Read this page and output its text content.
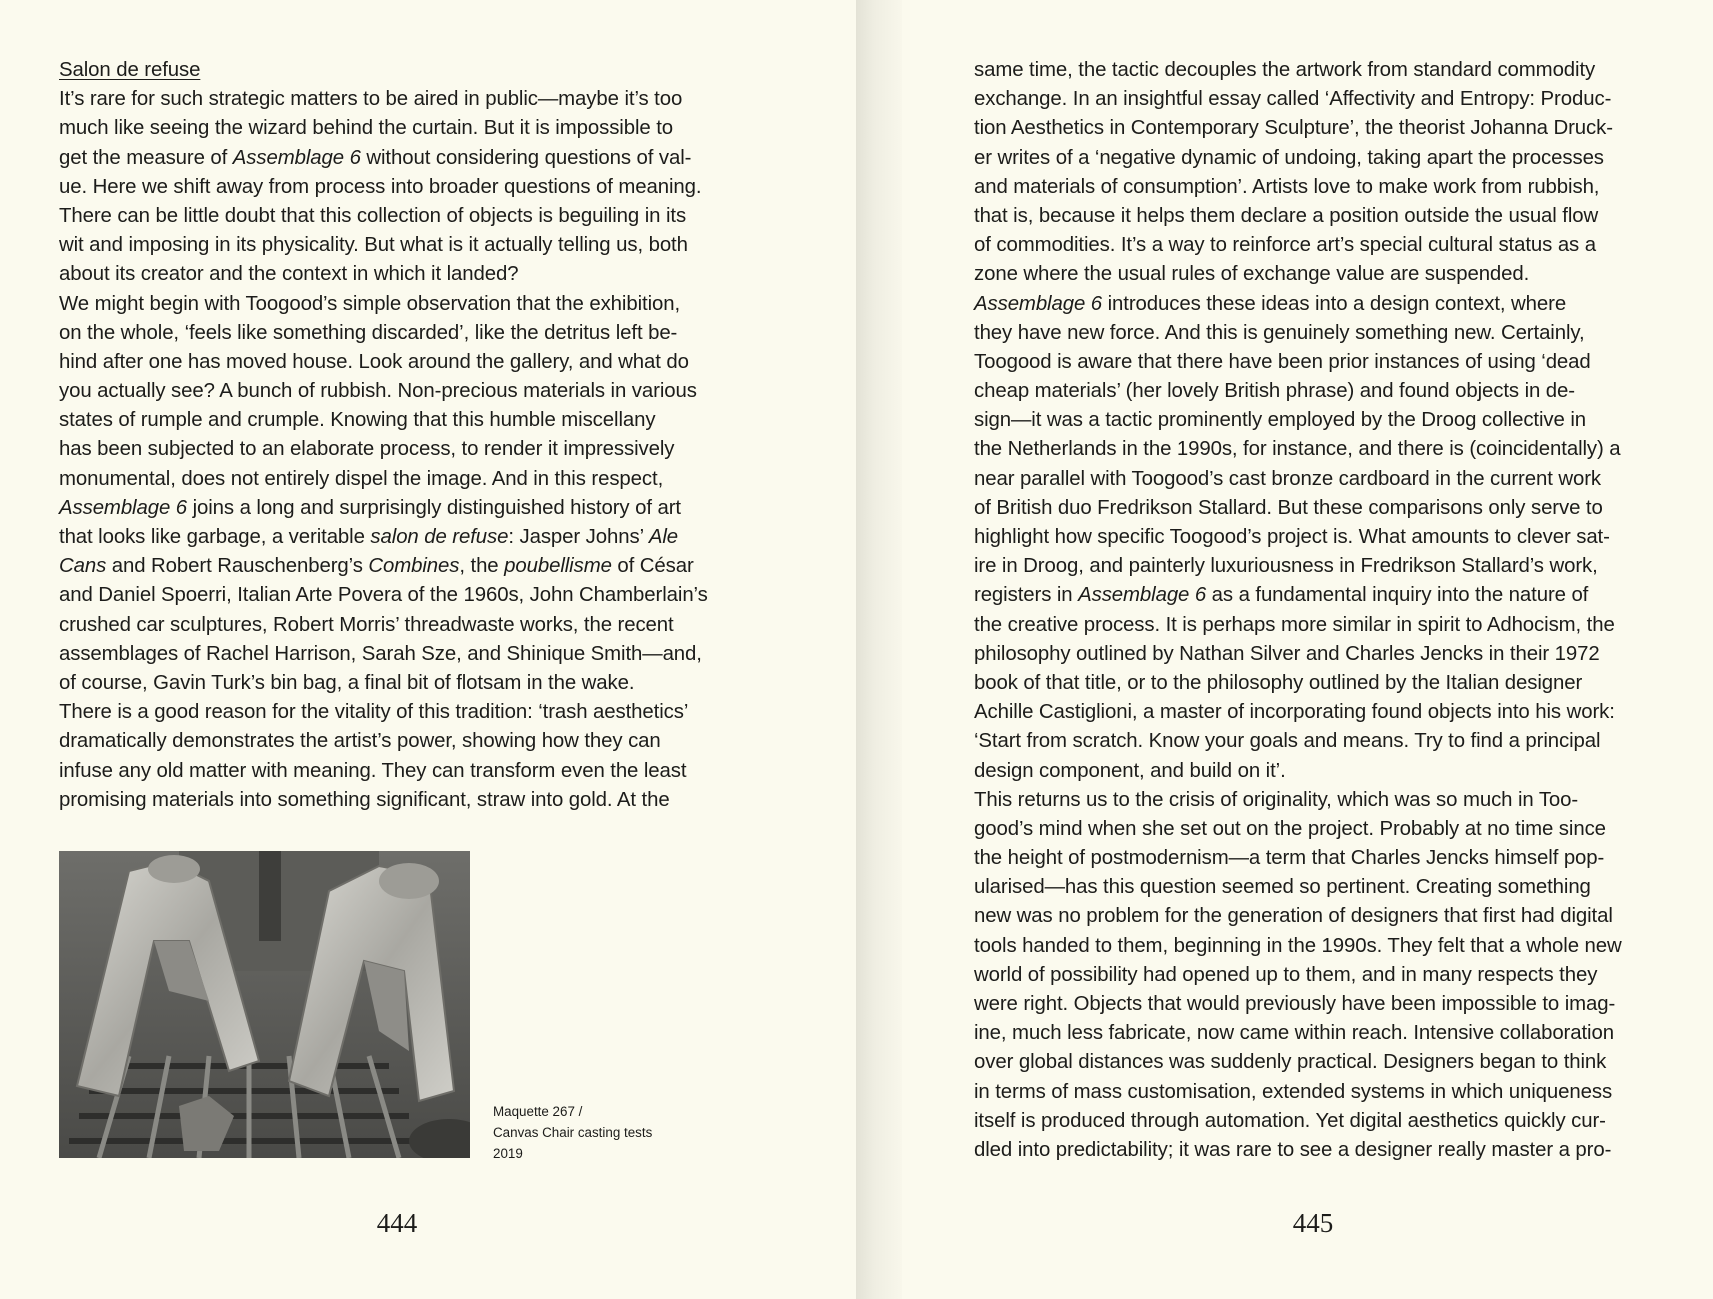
Salon de refuse
It’s rare for such strategic matters to be aired in public—maybe it’s too
much like seeing the wizard behind the curtain. But it is impossible to
get the measure of Assemblage 6 without considering questions of val-
ue. Here we shift away from process into broader questions of meaning.
There can be little doubt that this collection of objects is beguiling in its
wit and imposing in its physicality. But what is it actually telling us, both
about its creator and the context in which it landed?
We might begin with Toogood’s simple observation that the exhibition,
on the whole, ‘feels like something discarded’, like the detritus left be-
hind after one has moved house. Look around the gallery, and what do
you actually see? A bunch of rubbish. Non-precious materials in various
states of rumple and crumple. Knowing that this humble miscellany
has been subjected to an elaborate process, to render it impressively
monumental, does not entirely dispel the image. And in this respect,
Assemblage 6 joins a long and surprisingly distinguished history of art
that looks like garbage, a veritable salon de refuse: Jasper Johns’ Ale
Cans and Robert Rauschenberg’s Combines, the poubellisme of César
and Daniel Spoerri, Italian Arte Povera of the 1960s, John Chamberlain’s
crushed car sculptures, Robert Morris’ threadwaste works, the recent
assemblages of Rachel Harrison, Sarah Sze, and Shinique Smith—and,
of course, Gavin Turk’s bin bag, a final bit of flotsam in the wake.
There is a good reason for the vitality of this tradition: ‘trash aesthetics’
dramatically demonstrates the artist’s power, showing how they can
infuse any old matter with meaning. They can transform even the least
promising materials into something significant, straw into gold. At the
Maquette 267 /
Canvas Chair casting tests
2019
444
same time, the tactic decouples the artwork from standard commodity
exchange. In an insightful essay called ‘Affectivity and Entropy: Produc-
tion Aesthetics in Contemporary Sculpture’, the theorist Johanna Druck-
er writes of a ‘negative dynamic of undoing, taking apart the processes
and materials of consumption’. Artists love to make work from rubbish,
that is, because it helps them declare a position outside the usual flow
of commodities. It’s a way to reinforce art’s special cultural status as a
zone where the usual rules of exchange value are suspended.
Assemblage 6 introduces these ideas into a design context, where
they have new force. And this is genuinely something new. Certainly,
Toogood is aware that there have been prior instances of using ‘dead
cheap materials’ (her lovely British phrase) and found objects in de-
sign—it was a tactic prominently employed by the Droog collective in
the Netherlands in the 1990s, for instance, and there is (coincidentally) a
near parallel with Toogood’s cast bronze cardboard in the current work
of British duo Fredrikson Stallard. But these comparisons only serve to
highlight how specific Toogood’s project is. What amounts to clever sat-
ire in Droog, and painterly luxuriousness in Fredrikson Stallard’s work,
registers in Assemblage 6 as a fundamental inquiry into the nature of
the creative process. It is perhaps more similar in spirit to Adhocism, the
philosophy outlined by Nathan Silver and Charles Jencks in their 1972
book of that title, or to the philosophy outlined by the Italian designer
Achille Castiglioni, a master of incorporating found objects into his work:
‘Start from scratch. Know your goals and means. Try to find a principal
design component, and build on it’.
This returns us to the crisis of originality, which was so much in Too-
good’s mind when she set out on the project. Probably at no time since
the height of postmodernism—a term that Charles Jencks himself pop-
ularised—has this question seemed so pertinent. Creating something
new was no problem for the generation of designers that first had digital
tools handed to them, beginning in the 1990s. They felt that a whole new
world of possibility had opened up to them, and in many respects they
were right. Objects that would previously have been impossible to imag-
ine, much less fabricate, now came within reach. Intensive collaboration
over global distances was suddenly practical. Designers began to think
in terms of mass customisation, extended systems in which uniqueness
itself is produced through automation. Yet digital aesthetics quickly cur-
dled into predictability; it was rare to see a designer really master a pro-
445
